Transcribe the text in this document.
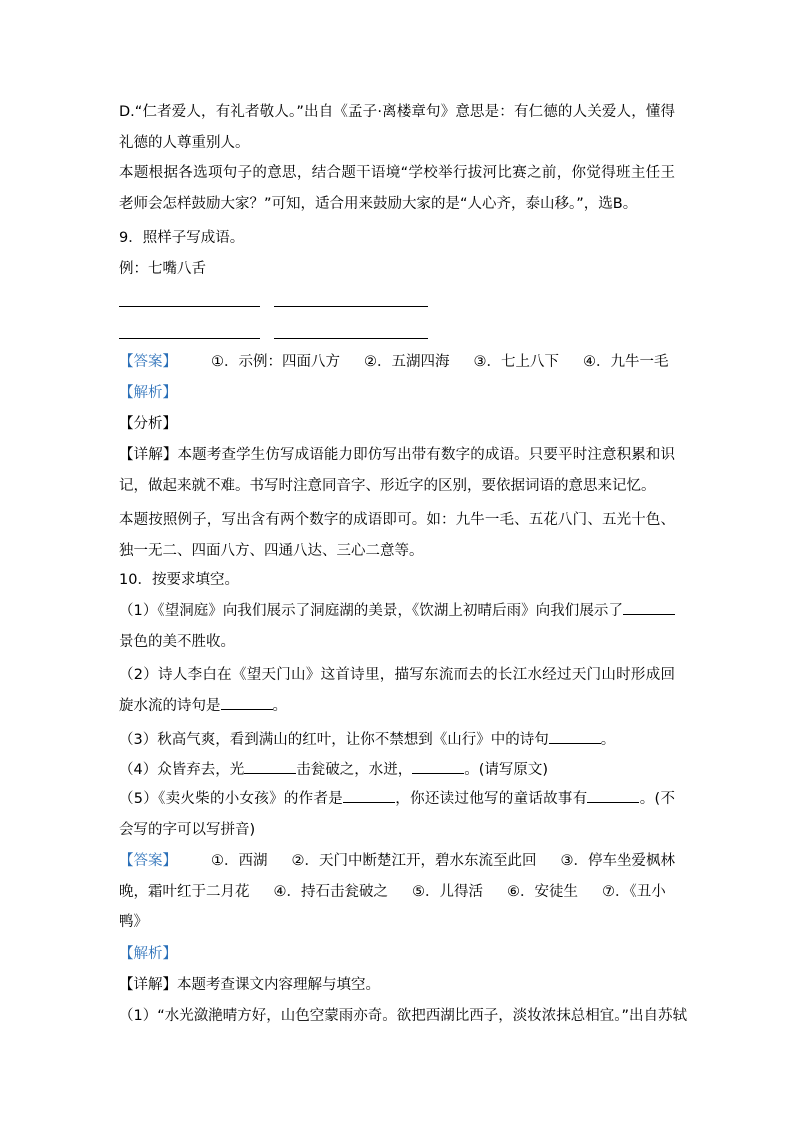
D.“仁者爱人，有礼者敬人。”出自《孟子·离楼章句》意思是：有仁德的人关爱人，懂得礼德的人尊重别人。
本题根据各选项句子的意思，结合题干语境“学校举行拔河比赛之前，你觉得班主任王老师会怎样鼓励大家？”可知，适合用来鼓励大家的是“人心齐，泰山移。”，选B。
9．照样子写成语。
例：七嘴八舌
【答案】 ①．示例：四面八方 ②．五湖四海 ③．七上八下 ④．九牛一毛
【解析】
【分析】
【详解】本题考查学生仿写成语能力即仿写出带有数字的成语。只要平时注意积累和识记，做起来就不难。书写时注意同音字、形近字的区别，要依据词语的意思来记忆。
本题按照例子，写出含有两个数字的成语即可。如：九牛一毛、五花八门、五光十色、 独一无二、四面八方、四通八达、三心二意等。
10．按要求填空。
（1）《望洞庭》向我们展示了洞庭湖的美景，《饮湖上初晴后雨》向我们展示了景色的美不胜收。
（2）诗人李白在《望天门山》这首诗里，描写东流而去的长江水经过天门山时形成回旋水流的诗句是	。
（3）秋高气爽，看到满山的红叶，让你不禁想到《山行》中的诗句	。
（4）众皆弃去，光	击瓮破之，水迸，	。(请写原文)
（5）《卖火柴的小女孩》的作者是	，你还读过他写的童话故事有	。(不会写的字可以写拼音)
【答案】 ①．西湖 ②．天门中断楚江开，碧水东流至此回 ③．停车坐爱枫林晚，霜叶红于二月花 ④．持石击瓮破之 ⑤．儿得活 ⑥．安徒生 ⑦．《丑小鸭》
【解析】
【详解】本题考查课文内容理解与填空。
（1）“水光潋滟晴方好，山色空蒙雨亦奇。欲把西湖比西子，淡妆浓抹总相宜。”出自苏轼
